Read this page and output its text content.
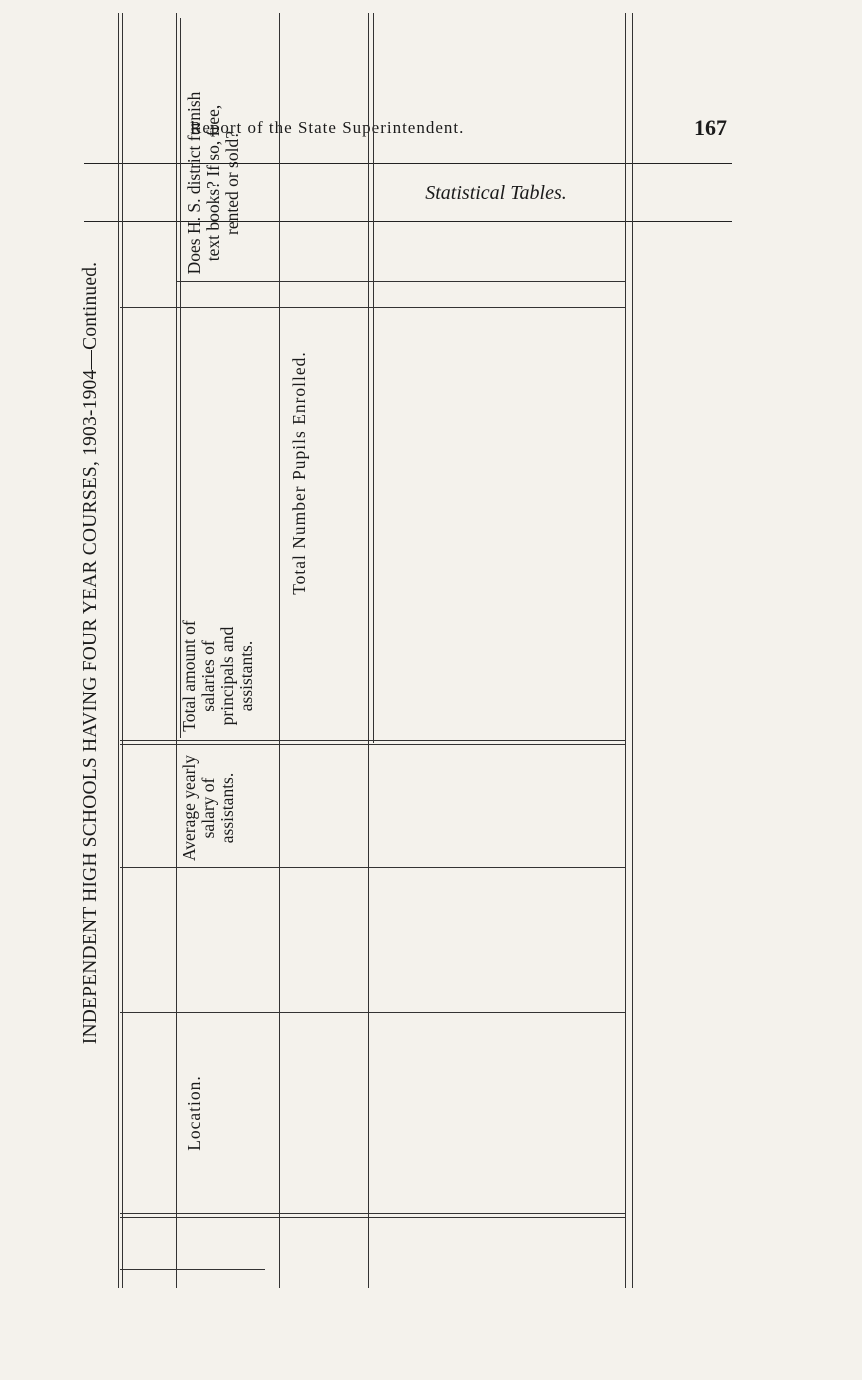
Report of the State Superintendent.	167
Statistical Tables.
INDEPENDENT HIGH SCHOOLS HAVING FOUR YEAR COURSES, 1903-1904—Continued.
Location.
Average yearly salary of assistants.
Total amount of salaries of principals and assistants.
Total Number Pupils Enrolled.
Does H. S. district furnish text books? If so, free, rented or sold?
